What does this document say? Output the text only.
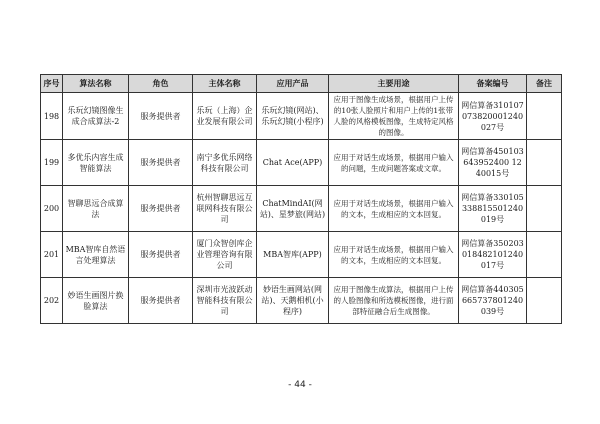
序号	算法名称	角色	主体名称	应用产品	主要用途	备案编号	备注
198	乐玩幻镜图像生成合成算法-2	服务提供者	乐玩（上海）企业发展有限公司	乐玩幻镜(网站)、乐玩幻镜(小程序)	应用于图像生成场景，根据用户上传的10张人脸照片和用户上传的1张带人脸的风格模板图像，生成特定风格的图像。	网信算备310107073820001240027号	
199	多优乐内容生成智能算法	服务提供者	南宁多优乐网络科技有限公司	Chat Ace(APP)	应用于对话生成场景，根据用户输入的问题，生成问题答案或文章。	网信算备450103643952400 1240015号	
200	智聊思远合成算法	服务提供者	杭州智聊思远互联网科技有限公司	ChatMindAI(网站)、星梦旅(网站)	应用于对话生成场景，根据用户输入的文本，生成相应的文本回复。	网信算备330105338815501240019号	
201	MBA智库自然语言处理算法	服务提供者	厦门众智创库企业管理咨询有限公司	MBA智库(APP)	应用于对话生成场景，根据用户输入的文本，生成相应的文本回复。	网信算备350203018482101240017号	
202	妙语生画图片换脸算法	服务提供者	深圳市光波跃动智能科技有限公司	妙语生画网站(网站)、天鹅相机(小程序)	应用于图像生成算法，根据用户上传的人脸图像和所选模板图像，进行面部特征融合后生成图像。	网信算备440305665737801240039号	
- 44 -
